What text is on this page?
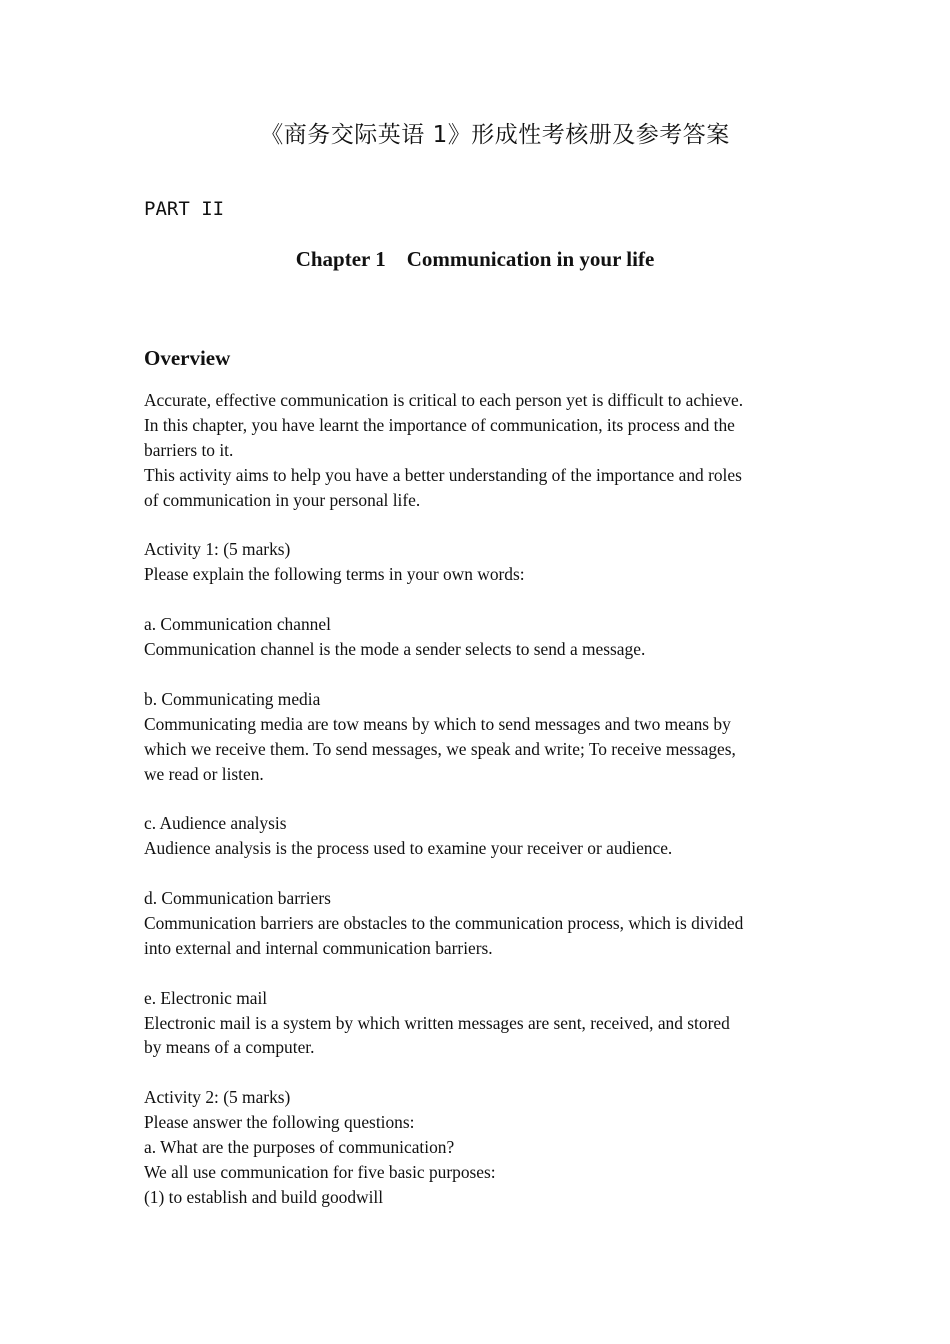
《商务交际英语 1》形成性考核册及参考答案
PART II
Chapter 1    Communication in your life
Overview

Accurate, effective communication is critical to each person yet is difficult to achieve.

In this chapter, you have learnt the importance of communication, its process and the

barriers to it.

This activity aims to help you have a better understanding of the importance and roles

of communication in your personal life.

Activity 1: (5 marks)

Please explain the following terms in your own words:

a. Communication channel

Communication channel is the mode a sender selects to send a message.

b. Communicating media

Communicating media are tow means by which to send messages and two means by

which we receive them. To send messages, we speak and write; To receive messages,

we read or listen.

c. Audience analysis

Audience analysis is the process used to examine your receiver or audience.

d. Communication barriers

Communication barriers are obstacles to the communication process, which is divided

into external and internal communication barriers.

e. Electronic mail

Electronic mail is a system by which written messages are sent, received, and stored

by means of a computer.

Activity 2: (5 marks)

Please answer the following questions:

a. What are the purposes of communication?

We all use communication for five basic purposes:

(1) to establish and build goodwill
